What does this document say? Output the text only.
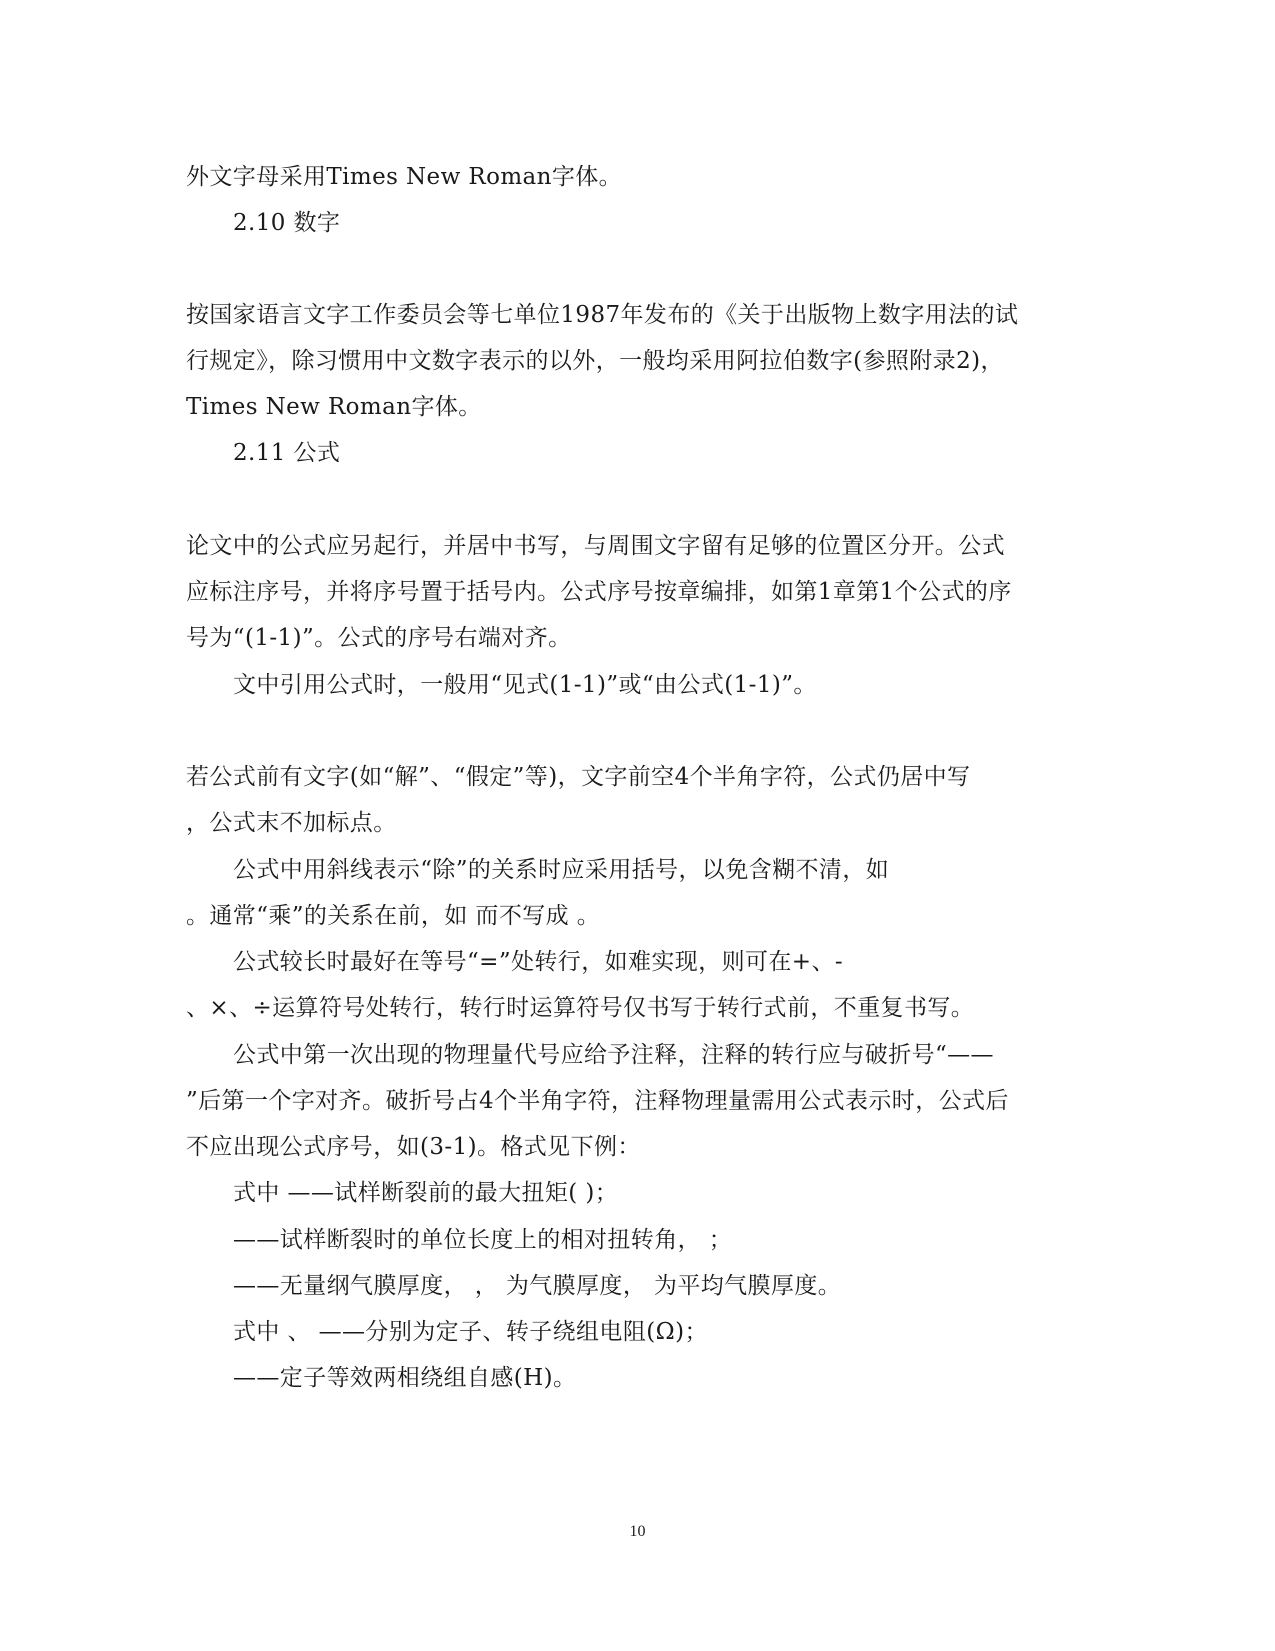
外文字母采用Times New Roman字体。
2.10 数字
按国家语言文字工作委员会等七单位1987年发布的《关于出版物上数字用法的试
行规定》，除习惯用中文数字表示的以外，一般均采用阿拉伯数字(参照附录2)，
Times New Roman字体。
2.11 公式
论文中的公式应另起行，并居中书写，与周围文字留有足够的位置区分开。公式
应标注序号，并将序号置于括号内。公式序号按章编排，如第1章第1个公式的序
号为“(1-1)”。公式的序号右端对齐。
文中引用公式时，一般用“见式(1-1)”或“由公式(1-1)”。
若公式前有文字(如“解”、“假定”等)，文字前空4个半角字符，公式仍居中写
，公式末不加标点。
公式中用斜线表示“除”的关系时应采用括号，以免含糊不清，如
。通常“乘”的关系在前，如 而不写成 。
公式较长时最好在等号“=”处转行，如难实现，则可在+、-
、×、÷运算符号处转行，转行时运算符号仅书写于转行式前，不重复书写。
公式中第一次出现的物理量代号应给予注释，注释的转行应与破折号“——
”后第一个字对齐。破折号占4个半角字符，注释物理量需用公式表示时，公式后
不应出现公式序号，如(3-1)。格式见下例：
式中 ——试样断裂前的最大扭矩( )；
——试样断裂时的单位长度上的相对扭转角， ；
——无量纲气膜厚度， ， 为气膜厚度， 为平均气膜厚度。
式中 、 ——分别为定子、转子绕组电阻(Ω)；
——定子等效两相绕组自感(H)。
10
